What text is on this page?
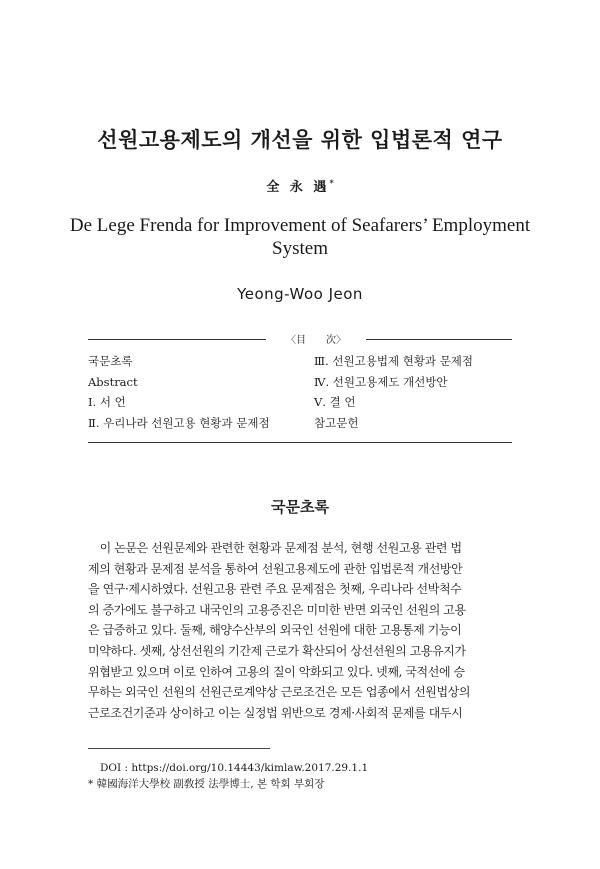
선원고용제도의 개선을 위한 입법론적 연구
全 永 遇*
De Lege Frenda for Improvement of Seafarers’ Employment System
Yeong-Woo Jeon
〈目　　次〉
국문초록
Abstract
Ⅰ. 서 언
Ⅱ. 우리나라 선원고용 현황과 문제점
Ⅲ. 선원고용법제 현황과 문제점
Ⅳ. 선원고용제도 개선방안
Ⅴ. 결 언
참고문헌
국문초록
　이 논문은 선원문제와 관련한 현황과 문제점 분석, 현행 선원고용 관련 법
제의 현황과 문제점 분석을 통하여 선원고용제도에 관한 입법론적 개선방안
을 연구·제시하였다. 선원고용 관련 주요 문제점은 첫째, 우리나라 선박척수
의 증가에도 불구하고 내국인의 고용증진은 미미한 반면 외국인 선원의 고용
은 급증하고 있다. 둘째, 해양수산부의 외국인 선원에 대한 고용통제 기능이
미약하다. 셋째, 상선선원의 기간제 근로가 확산되어 상선선원의 고용유지가
위협받고 있으며 이로 인하여 고용의 질이 악화되고 있다. 넷째, 국적선에 승
무하는 외국인 선원의 선원근로계약상 근로조건은 모든 업종에서 선원법상의
근로조건기준과 상이하고 이는 실정법 위반으로 경제·사회적 문제를 대두시
DOI : https://doi.org/10.14443/kimlaw.2017.29.1.1
* 韓國海洋大學校 副敎授 法學博士, 본 학회 부회장
